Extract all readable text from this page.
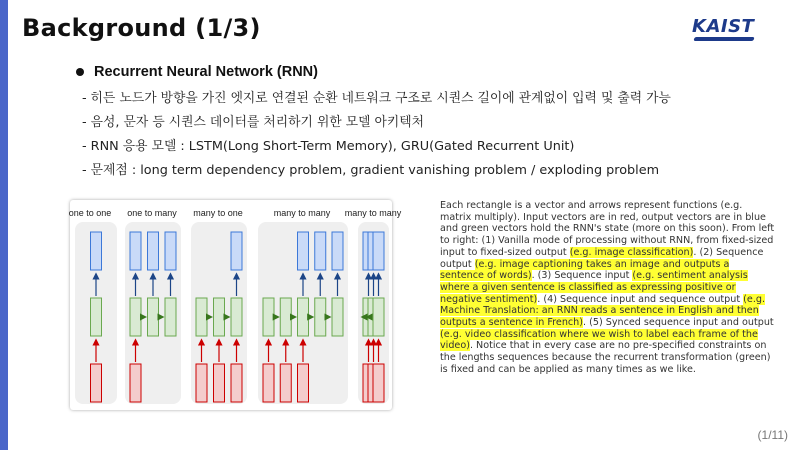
Background (1/3)	KAIST
Recurrent Neural Network (RNN)
- 히든 노드가 방향을 가진 엣지로 연결된 순환 네트워크 구조로 시퀀스 길이에 관계없이 입력 및 출력 가능
- 음성, 문자 등 시퀀스 데이터를 처리하기 위한 모델 아키텍처
- RNN 응용 모델 : LSTM(Long Short-Term Memory), GRU(Gated Recurrent Unit)
- 문제점 : long term dependency problem, gradient vanishing problem / exploding problem
one to one one to many many to one	many to many many to many
Each rectangle is a vector and arrows represent functions (e.g. matrix multiply). Input vectors are in red, output vectors are in blue and green vectors hold the RNN's state (more on this soon). From left to right: (1) Vanilla mode of processing without RNN, from fixed-sized input to fixed-sized output (e.g. image classification). (2) Sequence output (e.g. image captioning takes an image and outputs a sentence of words). (3) Sequence input (e.g. sentiment analysis where a given sentence is classified as expressing positive or negative sentiment). (4) Sequence input and sequence output (e.g. Machine Translation: an RNN reads a sentence in English and then outputs a sentence in French). (5) Synced sequence input and output (e.g. video classification where we wish to label each frame of the video). Notice that in every case are no pre-specified constraints on the lengths sequences because the recurrent transformation (green) is fixed and can be applied as many times as we like.
(1/11)
